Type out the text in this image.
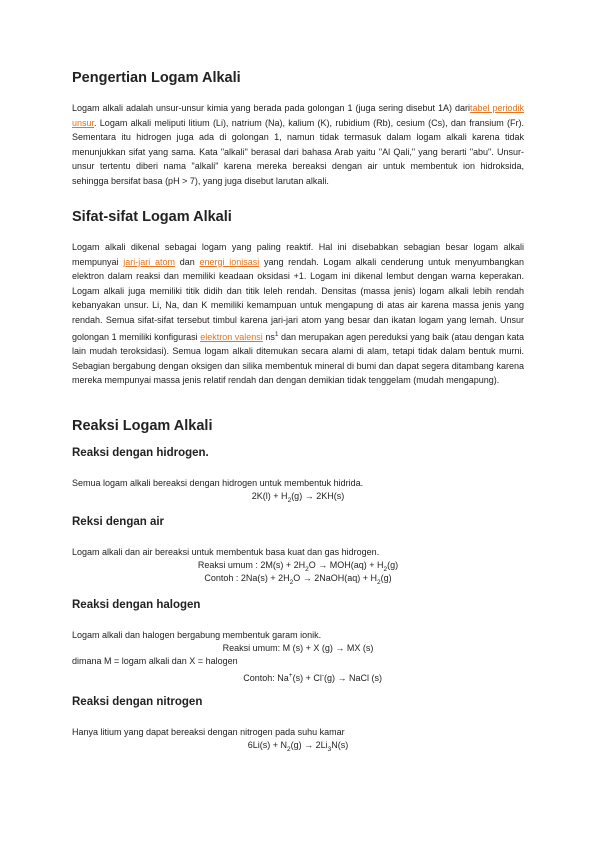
Pengertian Logam Alkali

Logam alkali adalah unsur-unsur kimia yang berada pada golongan 1 (juga sering disebut 1A) daritabel periodik unsur. Logam alkali meliputi litium (Li), natrium (Na), kalium (K), rubidium (Rb), cesium (Cs), dan fransium (Fr). Sementara itu hidrogen juga ada di golongan 1, namun tidak termasuk dalam logam alkali karena tidak menunjukkan sifat yang sama. Kata "alkali" berasal dari bahasa Arab yaitu "Al Qali," yang berarti "abu". Unsur-unsur tertentu diberi nama "alkali" karena mereka bereaksi dengan air untuk membentuk ion hidroksida, sehingga bersifat basa (pH > 7), yang juga disebut larutan alkali.

Sifat-sifat Logam Alkali

Logam alkali dikenal sebagai logam yang paling reaktif. Hal ini disebabkan sebagian besar logam alkali mempunyai jari-jari atom dan energi ionisasi yang rendah. Logam alkali cenderung untuk menyumbangkan elektron dalam reaksi dan memiliki keadaan oksidasi +1. Logam ini dikenal lembut dengan warna keperakan. Logam alkali juga memiliki titik didih dan titik leleh rendah. Densitas (massa jenis) logam alkali lebih rendah kebanyakan unsur. Li, Na, dan K memiliki kemampuan untuk mengapung di atas air karena massa jenis yang rendah. Semua sifat-sifat tersebut timbul karena jari-jari atom yang besar dan ikatan logam yang lemah. Unsur golongan 1 memiliki konfigurasi elektron valensi $ns^1$ dan merupakan agen pereduksi yang baik (atau dengan kata lain mudah teroksidasi). Semua logam alkali ditemukan secara alami di alam, tetapi tidak dalam bentuk murni. Sebagian bergabung dengan oksigen dan silika membentuk mineral di bumi dan dapat segera ditambang karena mereka mempunyai massa jenis relatif rendah dan dengan demikian tidak tenggelam (mudah mengapung).

Reaksi Logam Alkali
Reaksi dengan hidrogen.
Semua logam alkali bereaksi dengan hidrogen untuk membentuk hidrida.
$2K(l) + H_2(g) \to 2KH(s)$
Reksi dengan air
Logam alkali dan air bereaksi untuk membentuk basa kuat dan gas hidrogen.
Reaksi umum : $2M(s) + 2H_2O \to MOH(aq) + H_2(g)$
Contoh : $2Na(s) + 2H_2O$ → 2NaOH(aq) + $H_2(g)$
Reaksi dengan halogen
Logam alkali dan halogen bergabung membentuk garam ionik.
Reaksi umum: M (s) + X (g) → MX (s)
dimana M = logam alkali dan X = halogen
Contoh: Na+(s) + Cl-(g) → NaCl (s)
Reaksi dengan nitrogen
Hanya litium yang dapat bereaksi dengan nitrogen pada suhu kamar
$6Li(s) + N_2(g) \to 2Li_3N(s)$
